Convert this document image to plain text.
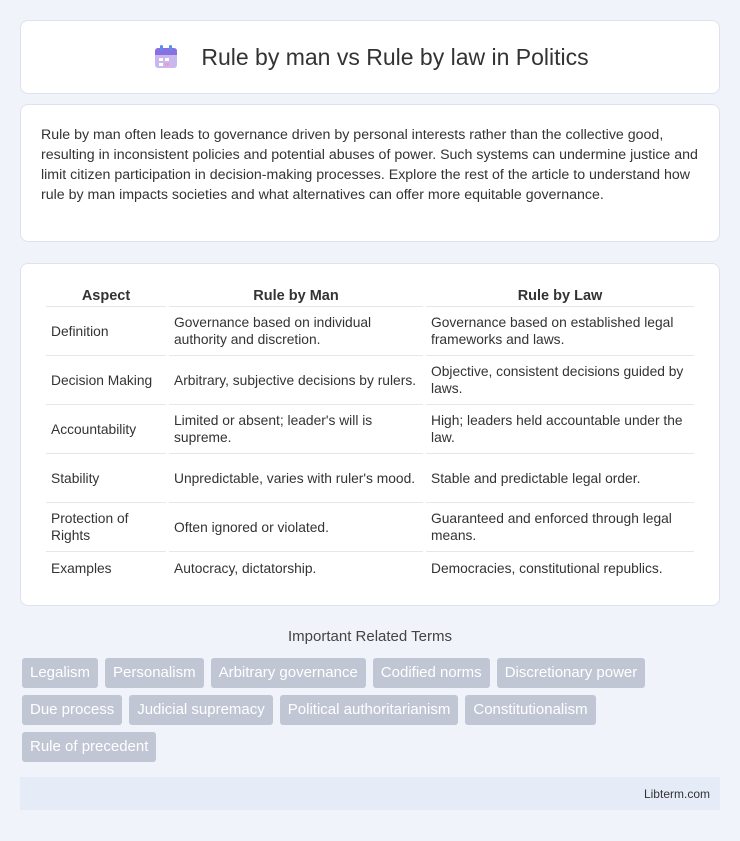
Rule by man vs Rule by law in Politics

Rule by man often leads to governance driven by personal interests rather than the collective good, resulting in inconsistent policies and potential abuses of power. Such systems can undermine justice and limit citizen participation in decision-making processes. Explore the rest of the article to understand how rule by man impacts societies and what alternatives can offer more equitable governance.

Aspect	Rule by Man	Rule by Law
Definition	Governance based on individual authority and discretion.	Governance based on established legal frameworks and laws.
Decision Making	Arbitrary, subjective decisions by rulers.	Objective, consistent decisions guided by laws.
Accountability	Limited or absent; leader's will is supreme.	High; leaders held accountable under the law.
Stability	Unpredictable, varies with ruler's mood.	Stable and predictable legal order.
Protection of Rights	Often ignored or violated.	Guaranteed and enforced through legal means.
Examples	Autocracy, dictatorship.	Democracies, constitutional republics.
Important Related Terms
Legalism	Personalism	Arbitrary governance	Codified norms	Discretionary power
Due process	Judicial supremacy	Political authoritarianism	Constitutionalism
Rule of precedent
Libterm.com
